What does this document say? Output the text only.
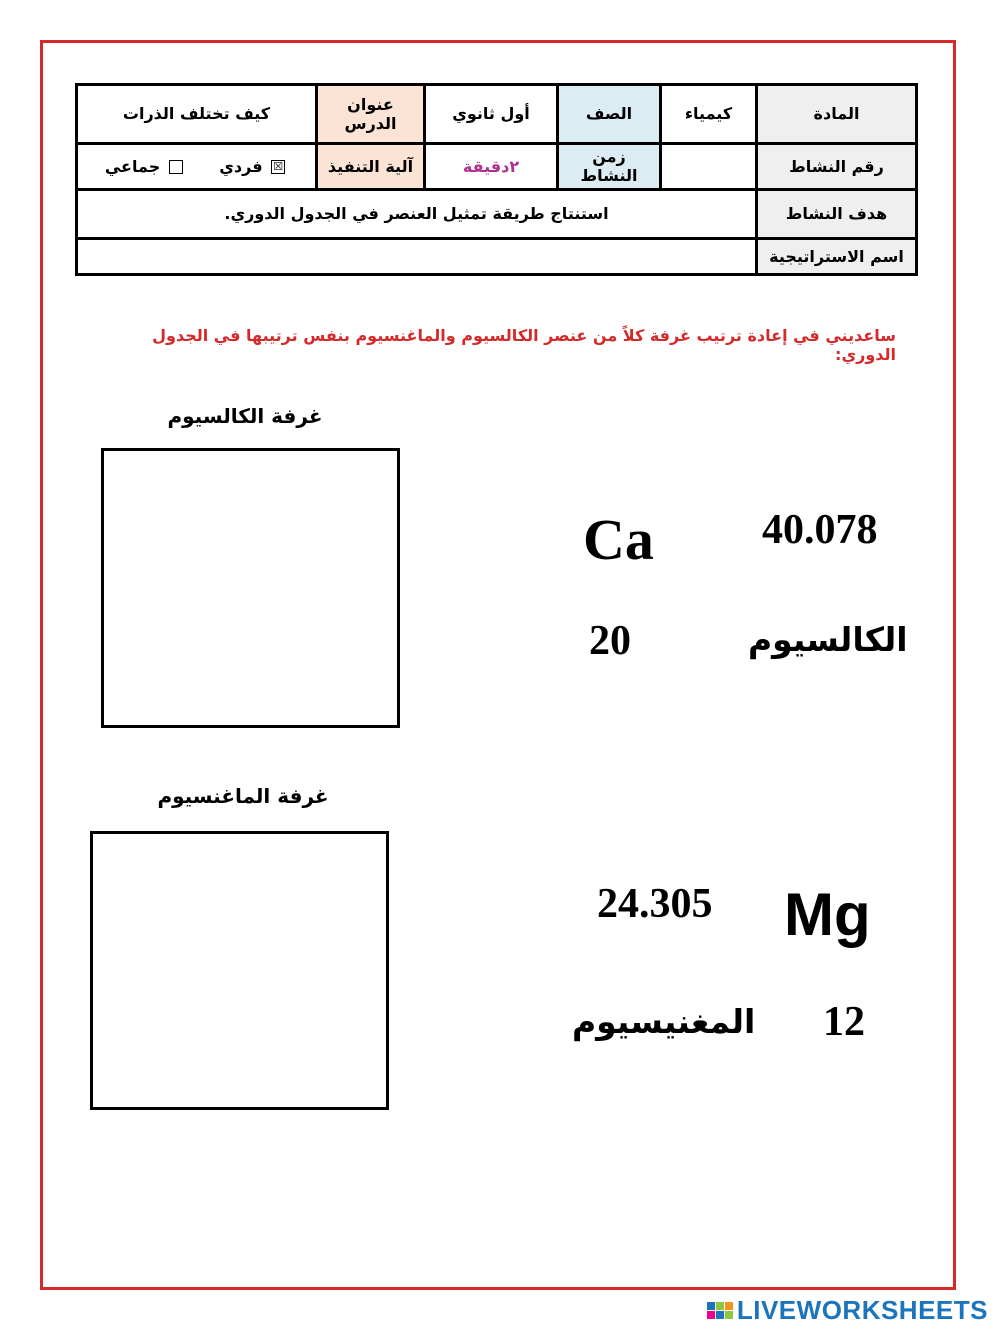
المادة	كيمياء	الصف	أول ثانوي	عنوان الدرس	كيف تختلف الذرات
رقم النشاط		زمن النشاط	٢دقيقة	آلية التنفيذ	☒ فردي       جماعي
هدف النشاط	استنتاج طريقة تمثيل العنصر في الجدول الدوري.				
اسم الاستراتيجية					
ساعديني في إعادة ترتيب غرفة كلاً من عنصر الكالسيوم والماغنسيوم بنفس ترتيبها في الجدول الدوري:
غرفة الكالسيوم
Ca	40.078
20	الكالسيوم
غرفة الماغنسيوم
24.305 Mg
المغنيسيوم 12
LIVEWORKSHEETS
